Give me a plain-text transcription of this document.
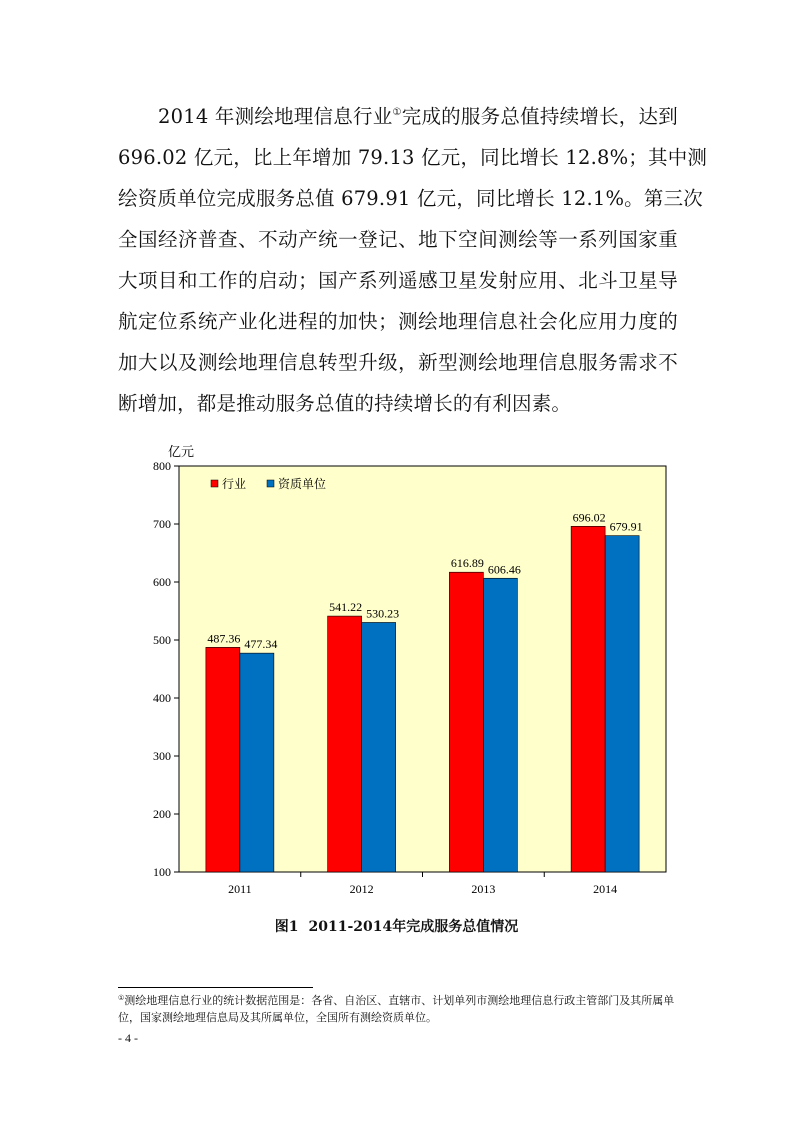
2014 年测绘地理信息行业①完成的服务总值持续增长，达到
696.02 亿元，比上年增加 79.13 亿元，同比增长 12.8%；其中测
绘资质单位完成服务总值 679.91 亿元，同比增长 12.1%。第三次
全国经济普查、不动产统一登记、地下空间测绘等一系列国家重
大项目和工作的启动；国产系列遥感卫星发射应用、北斗卫星导
航定位系统产业化进程的加快；测绘地理信息社会化应用力度的
加大以及测绘地理信息转型升级，新型测绘地理信息服务需求不
断增加，都是推动服务总值的持续增长的有利因素。
亿元
100
200
300
400
500
600
700
800
2011
487.36 477.34
2012
541.22 530.23
2013
616.89 606.46
2014
696.02
679.91
行业	资质单位
图1 2011-2014年完成服务总值情况
①测绘地理信息行业的统计数据范围是：各省、自治区、直辖市、计划单列市测绘地理信息行政主管部门及其所属单位，国家测绘地理信息局及其所属单位，全国所有测绘资质单位。
- 4 -
